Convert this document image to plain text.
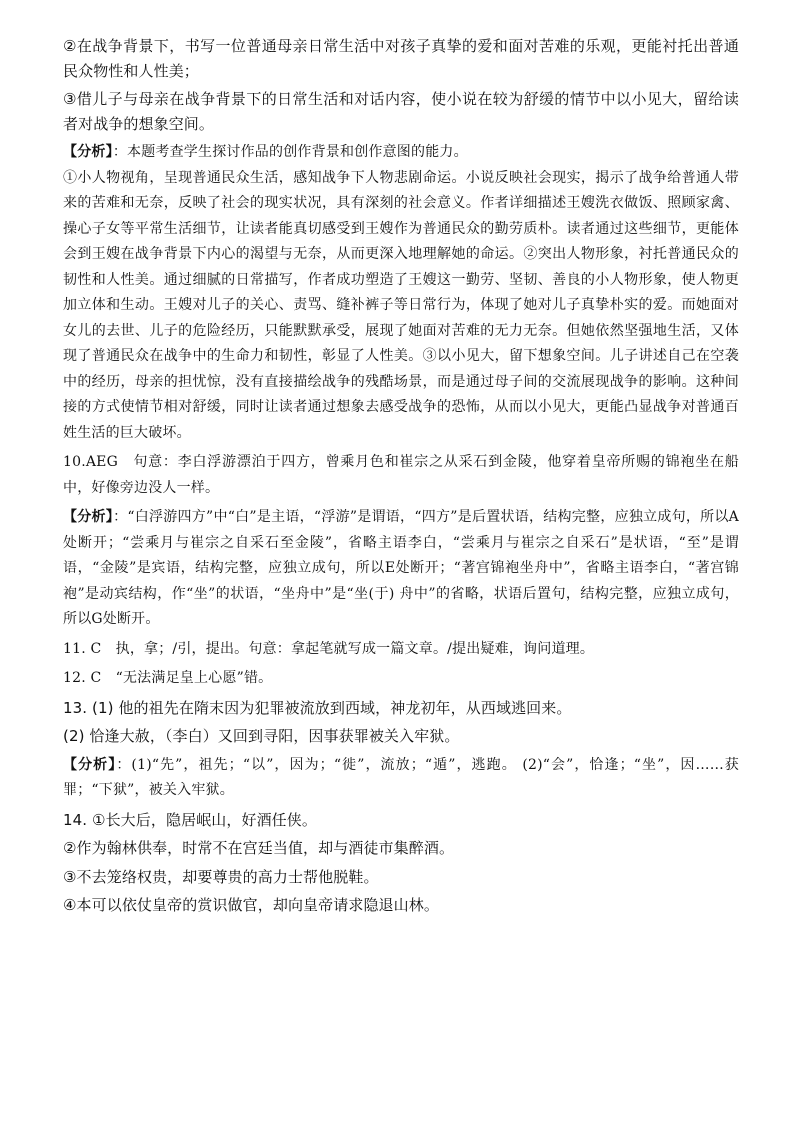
②在战争背景下，书写一位普通母亲日常生活中对孩子真挚的爱和面对苦难的乐观，更能衬托出普通民众物性和人性美；

③借儿子与母亲在战争背景下的日常生活和对话内容，使小说在较为舒缓的情节中以小见大，留给读者对战争的想象空间。

【分析】：本题考查学生探讨作品的创作背景和创作意图的能力。

①小人物视角，呈现普通民众生活，感知战争下人物悲剧命运。小说反映社会现实，揭示了战争给普通人带来的苦难和无奈，反映了社会的现实状况，具有深刻的社会意义。作者详细描述王嫂洗衣做饭、照顾家禽、操心子女等平常生活细节，让读者能真切感受到王嫂作为普通民众的勤劳质朴。读者通过这些细节，更能体会到王嫂在战争背景下内心的渴望与无奈，从而更深入地理解她的命运。②突出人物形象，衬托普通民众的韧性和人性美。通过细腻的日常描写，作者成功塑造了王嫂这一勤劳、坚韧、善良的小人物形象，使人物更加立体和生动。王嫂对儿子的关心、责骂、缝补裤子等日常行为，体现了她对儿子真挚朴实的爱。而她面对女儿的去世、儿子的危险经历，只能默默承受，展现了她面对苦难的无力无奈。但她依然坚强地生活，又体现了普通民众在战争中的生命力和韧性，彰显了人性美。③以小见大，留下想象空间。儿子讲述自己在空袭中的经历，母亲的担忧惊，没有直接描绘战争的残酷场景，而是通过母子间的交流展现战争的影响。这种间接的方式使情节相对舒缓，同时让读者通过想象去感受战争的恐怖，从而以小见大，更能凸显战争对普通百姓生活的巨大破坏。

10.AEG　句意：李白浮游漂泊于四方，曾乘月色和崔宗之从采石到金陵，他穿着皇帝所赐的锦袍坐在船中，好像旁边没人一样。

【分析】：“白浮游四方”中“白”是主语，“浮游”是谓语，“四方”是后置状语，结构完整，应独立成句，所以A处断开；“尝乘月与崔宗之自采石至金陵”，省略主语李白，“尝乘月与崔宗之自采石”是状语，“至”是谓语，“金陵”是宾语，结构完整，应独立成句，所以E处断开；“著宫锦袍坐舟中”，省略主语李白，“著宫锦袍”是动宾结构，作“坐”的状语，“坐舟中”是“坐(于) 舟中”的省略，状语后置句，结构完整，应独立成句，所以G处断开。

11. C　执，拿；/引，提出。句意：拿起笔就写成一篇文章。/提出疑难，询问道理。

12. C　“无法满足皇上心愿”错。

13. (1) 他的祖先在隋末因为犯罪被流放到西域，神龙初年，从西域逃回来。

(2) 恰逢大赦，（李白）又回到寻阳，因事获罪被关入牢狱。

【分析】：(1)“先”，祖先；“以”，因为；“徙”，流放；“遁”，逃跑。 (2)“会”，恰逢；“坐”，因……获罪；“下狱”，被关入牢狱。

14. ①长大后，隐居岷山，好酒任侠。

②作为翰林供奉，时常不在宫廷当值，却与酒徒市集醉酒。

③不去笼络权贵，却要尊贵的高力士帮他脱鞋。

④本可以依仗皇帝的赏识做官，却向皇帝请求隐退山林。
